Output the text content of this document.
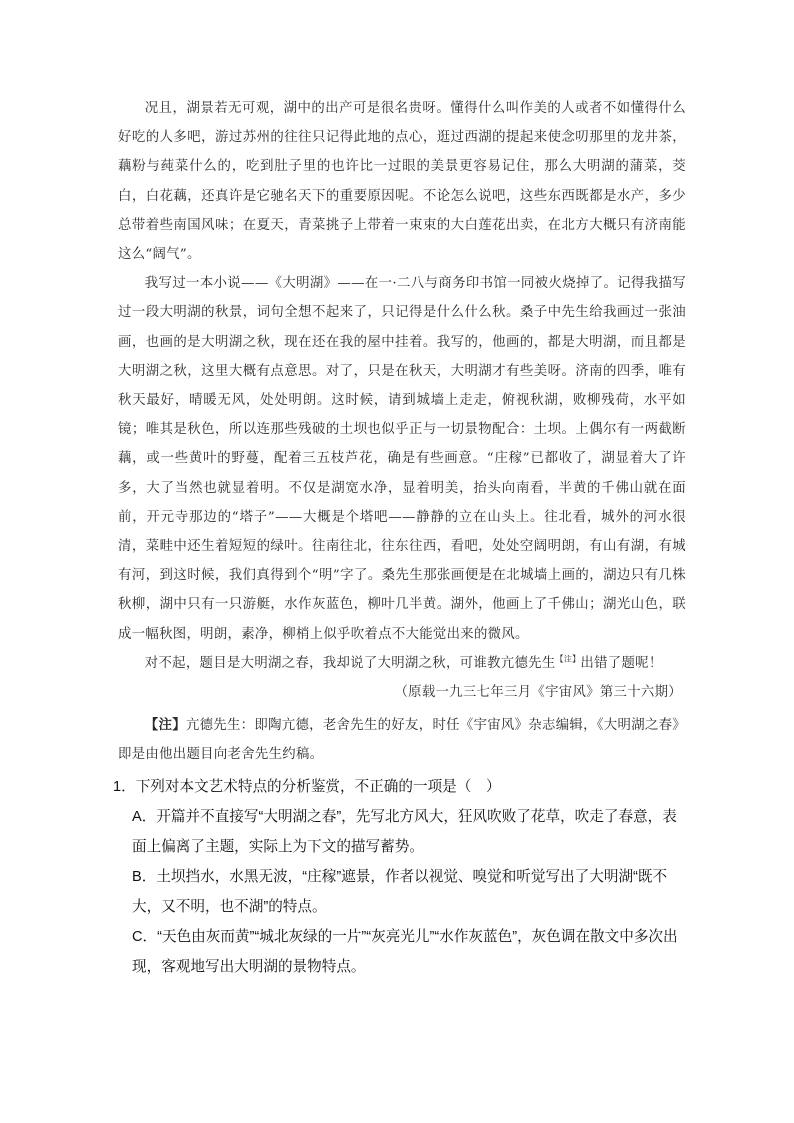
况且，湖景若无可观，湖中的出产可是很名贵呀。懂得什么叫作美的人或者不如懂得什么好吃的人多吧，游过苏州的往往只记得此地的点心，逛过西湖的提起来使念叨那里的龙井茶，藕粉与莼菜什么的，吃到肚子里的也许比一过眼的美景更容易记住，那么大明湖的蒲菜，茭白，白花藕，还真许是它驰名天下的重要原因呢。不论怎么说吧，这些东西既都是水产，多少总带着些南国风味；在夏天，青菜挑子上带着一束束的大白莲花出卖，在北方大概只有济南能这么“阔气”。

我写过一本小说——《大明湖》——在一·二八与商务印书馆一同被火烧掉了。记得我描写过一段大明湖的秋景，词句全想不起来了，只记得是什么什么秋。桑子中先生给我画过一张油画，也画的是大明湖之秋，现在还在我的屋中挂着。我写的，他画的，都是大明湖，而且都是大明湖之秋，这里大概有点意思。对了，只是在秋天，大明湖才有些美呀。济南的四季，唯有秋天最好，晴暖无风，处处明朗。这时候，请到城墙上走走，俯视秋湖，败柳残荷，水平如镜；唯其是秋色，所以连那些残破的土坝也似乎正与一切景物配合：土坝。上偶尔有一两截断藕，或一些黄叶的野蔓，配着三五枝芦花，确是有些画意。“庄稼”已都收了，湖显着大了许多，大了当然也就显着明。不仅是湖宽水净，显着明美，抬头向南看，半黄的千佛山就在面前，开元寺那边的“塔子”——大概是个塔吧——静静的立在山头上。往北看，城外的河水很清，菜畦中还生着短短的绿叶。往南往北，往东往西，看吧，处处空阔明朗，有山有湖，有城有河，到这时候，我们真得到个“明”字了。桑先生那张画便是在北城墙上画的，湖边只有几株秋柳，湖中只有一只游艇，水作灰蓝色，柳叶几半黄。湖外，他画上了千佛山；湖光山色，联成一幅秋图，明朗，素净，柳梢上似乎吹着点不大能觉出来的微风。

对不起，题目是大明湖之春，我却说了大明湖之秋，可谁教亢德先生$^{【注】}$出错了题呢！

（原载一九三七年三月《宇宙风》第三十六期）

【注】亢德先生：即陶亢德，老舍先生的好友，时任《宇宙风》杂志编辑，《大明湖之春》即是由他出题目向老舍先生约稿。

1．下列对本文艺术特点的分析鉴赏，不正确的一项是（　）

A．开篇并不直接写“大明湖之春”，先写北方风大，狂风吹败了花草，吹走了春意，表面上偏离了主题，实际上为下文的描写蓄势。

B．土坝挡水，水黑无波，“庄稼”遮景，作者以视觉、嗅觉和听觉写出了大明湖“既不大，又不明，也不湖”的特点。

C．“天色由灰而黄”“城北灰绿的一片”“灰亮光儿”“水作灰蓝色”，灰色调在散文中多次出现，客观地写出大明湖的景物特点。
